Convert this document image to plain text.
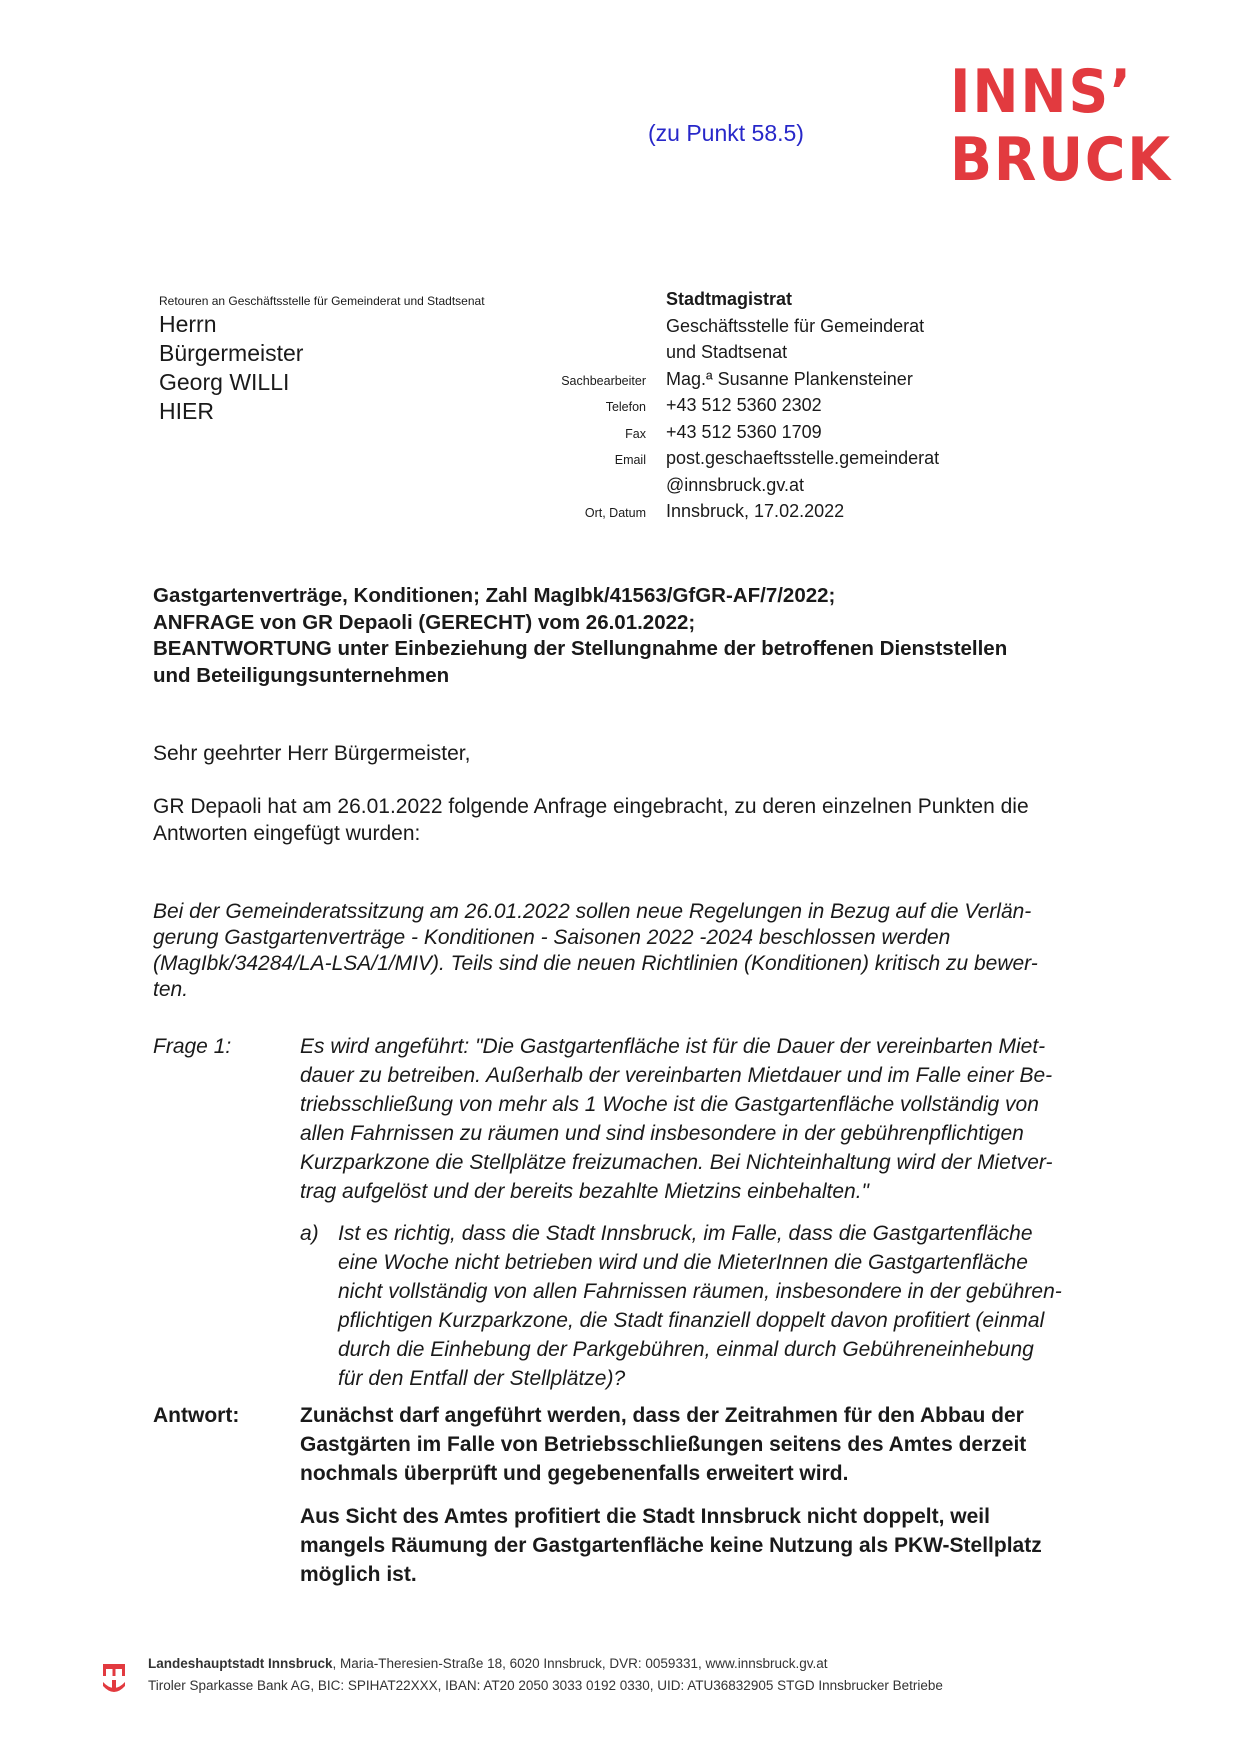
INNS’
BRUCK
(zu Punkt 58.5)
Retouren an Geschäftsstelle für Gemeinderat und Stadtsenat
Herrn
Bürgermeister
Georg WILLI
HIER
Stadtmagistrat
Geschäftsstelle für Gemeinderat
und Stadtsenat
Sachbearbeiter	Mag.ª Susanne Plankensteiner
Telefon	+43 512 5360 2302
Fax	+43 512 5360 1709
Email	post.geschaeftsstelle.gemeinderat
@innsbruck.gv.at
Ort, Datum	Innsbruck, 17.02.2022
Gastgartenverträge, Konditionen; Zahl MagIbk/41563/GfGR-AF/7/2022;
ANFRAGE von GR Depaoli (GERECHT) vom 26.01.2022;
BEANTWORTUNG unter Einbeziehung der Stellungnahme der betroffenen Dienststellen
und Beteiligungsunternehmen
Sehr geehrter Herr Bürgermeister,
GR Depaoli hat am 26.01.2022 folgende Anfrage eingebracht, zu deren einzelnen Punkten die
Antworten eingefügt wurden:
Bei der Gemeinderatssitzung am 26.01.2022 sollen neue Regelungen in Bezug auf die Verlän-
gerung Gastgartenverträge - Konditionen - Saisonen 2022 -2024 beschlossen werden
(MagIbk/34284/LA-LSA/1/MIV). Teils sind die neuen Richtlinien (Konditionen) kritisch zu bewer-
ten.
Frage 1:	Es wird angeführt: "Die Gastgartenfläche ist für die Dauer der vereinbarten Miet-
dauer zu betreiben. Außerhalb der vereinbarten Mietdauer und im Falle einer Be-
triebsschließung von mehr als 1 Woche ist die Gastgartenfläche vollständig von
allen Fahrnissen zu räumen und sind insbesondere in der gebührenpflichtigen
Kurzparkzone die Stellplätze freizumachen. Bei Nichteinhaltung wird der Mietver-
trag aufgelöst und der bereits bezahlte Mietzins einbehalten."
a) Ist es richtig, dass die Stadt Innsbruck, im Falle, dass die Gastgartenfläche
eine Woche nicht betrieben wird und die MieterInnen die Gastgartenfläche
nicht vollständig von allen Fahrnissen räumen, insbesondere in der gebühren-
pflichtigen Kurzparkzone, die Stadt finanziell doppelt davon profitiert (einmal
durch die Einhebung der Parkgebühren, einmal durch Gebühreneinhebung
für den Entfall der Stellplätze)?
Antwort:	Zunächst darf angeführt werden, dass der Zeitrahmen für den Abbau der
Gastgärten im Falle von Betriebsschließungen seitens des Amtes derzeit
nochmals überprüft und gegebenenfalls erweitert wird.
Aus Sicht des Amtes profitiert die Stadt Innsbruck nicht doppelt, weil
mangels Räumung der Gastgartenfläche keine Nutzung als PKW-Stellplatz
möglich ist.
Landeshauptstadt Innsbruck, Maria-Theresien-Straße 18, 6020 Innsbruck, DVR: 0059331, www.innsbruck.gv.at
Tiroler Sparkasse Bank AG, BIC: SPIHAT22XXX, IBAN: AT20 2050 3033 0192 0330, UID: ATU36832905 STGD Innsbrucker Betriebe
